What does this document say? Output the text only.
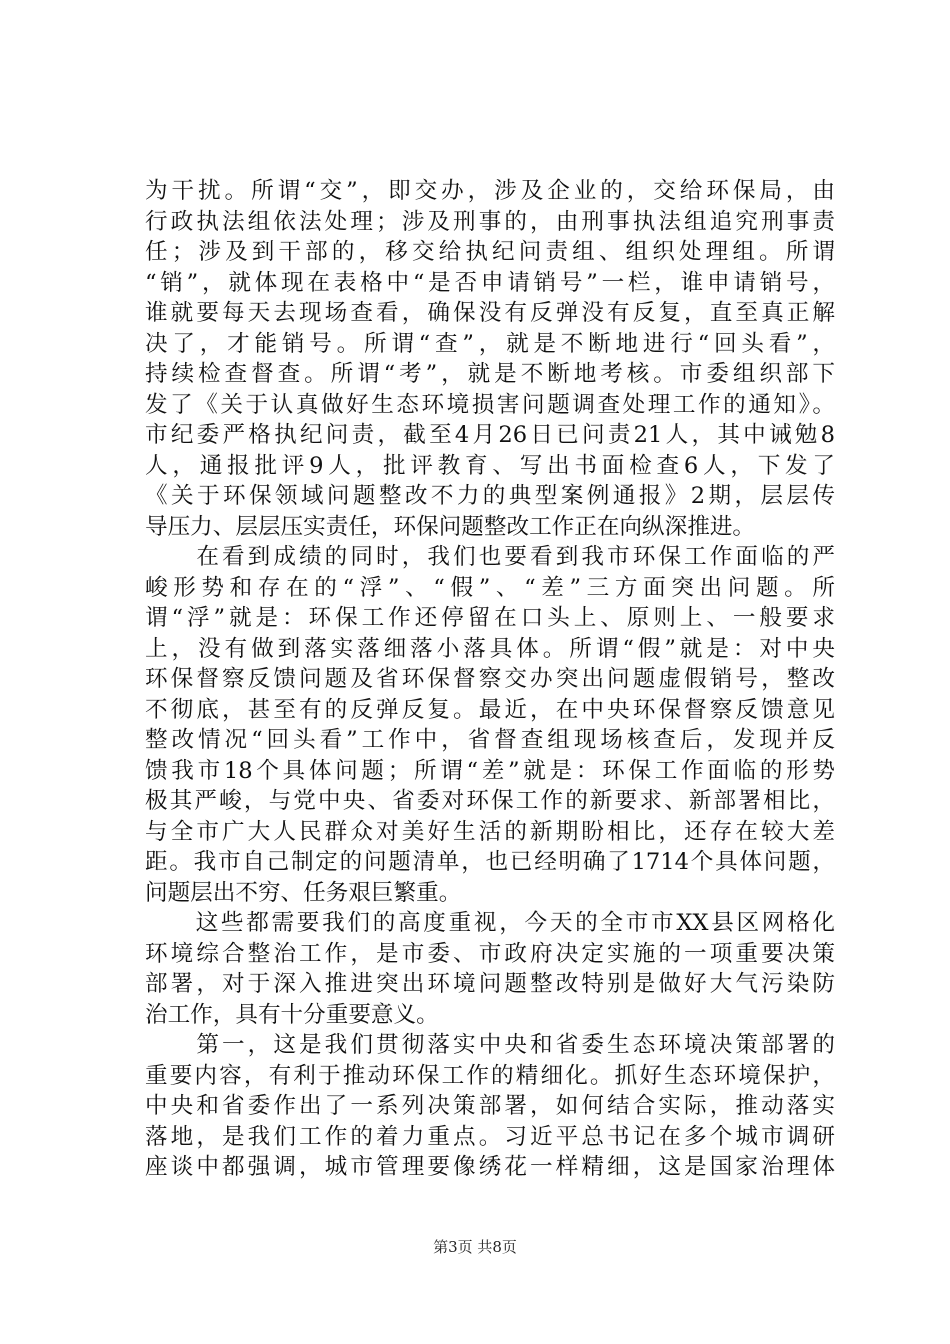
为干扰。所谓“交”，即交办，涉及企业的，交给环保局，由
行政执法组依法处理；涉及刑事的，由刑事执法组追究刑事责
任；涉及到干部的，移交给执纪问责组、组织处理组。所谓
“销”，就体现在表格中“是否申请销号”一栏，谁申请销号，
谁就要每天去现场查看，确保没有反弹没有反复，直至真正解
决了，才能销号。所谓“查”，就是不断地进行“回头看”，
持续检查督查。所谓“考”，就是不断地考核。市委组织部下
发了《关于认真做好生态环境损害问题调查处理工作的通知》。
市纪委严格执纪问责，截至4月26日已问责21人，其中诫勉8
人，通报批评9人，批评教育、写出书面检查6人，下发了
《关于环保领域问题整改不力的典型案例通报》2期，层层传
导压力、层层压实责任，环保问题整改工作正在向纵深推进。
　　在看到成绩的同时，我们也要看到我市环保工作面临的严
峻形势和存在的“浮”、“假”、“差”三方面突出问题。所
谓“浮”就是：环保工作还停留在口头上、原则上、一般要求
上，没有做到落实落细落小落具体。所谓“假”就是：对中央
环保督察反馈问题及省环保督察交办突出问题虚假销号，整改
不彻底，甚至有的反弹反复。最近，在中央环保督察反馈意见
整改情况“回头看”工作中，省督查组现场核查后，发现并反
馈我市18个具体问题；所谓“差”就是：环保工作面临的形势
极其严峻，与党中央、省委对环保工作的新要求、新部署相比，
与全市广大人民群众对美好生活的新期盼相比，还存在较大差
距。我市自己制定的问题清单，也已经明确了1714个具体问题，
问题层出不穷、任务艰巨繁重。
　　这些都需要我们的高度重视，今天的全市市XX县区网格化
环境综合整治工作，是市委、市政府决定实施的一项重要决策
部署，对于深入推进突出环境问题整改特别是做好大气污染防
治工作，具有十分重要意义。
　　第一，这是我们贯彻落实中央和省委生态环境决策部署的
重要内容，有利于推动环保工作的精细化。抓好生态环境保护，
中央和省委作出了一系列决策部署，如何结合实际，推动落实
落地，是我们工作的着力重点。习近平总书记在多个城市调研
座谈中都强调，城市管理要像绣花一样精细，这是国家治理体
第3页 共8页
